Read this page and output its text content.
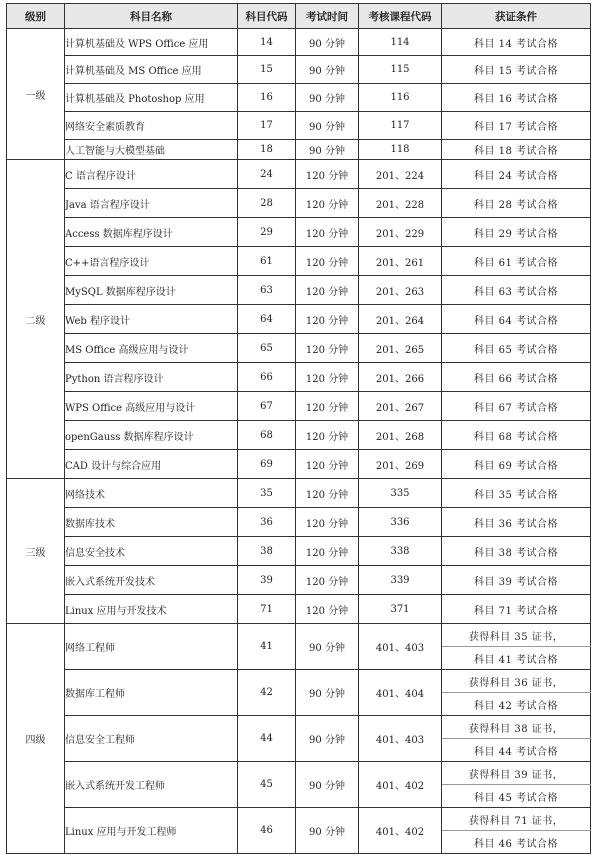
级别	科目名称	科目代码	考试时间	考核课程代码	获证条件
一级	计算机基础及 WPS Office 应用	14	90 分钟	114	科目 14 考试合格
	计算机基础及 MS Office 应用	15	90 分钟	115	科目 15 考试合格
	计算机基础及 Photoshop 应用	16	90 分钟	116	科目 16 考试合格
	网络安全素质教育	17	90 分钟	117	科目 17 考试合格
	人工智能与大模型基础	18	90 分钟	118	科目 18 考试合格
二级	C 语言程序设计	24	120 分钟	201、224	科目 24 考试合格
	Java 语言程序设计	28	120 分钟	201、228	科目 28 考试合格
	Access 数据库程序设计	29	120 分钟	201、229	科目 29 考试合格
	C++语言程序设计	61	120 分钟	201、261	科目 61 考试合格
	MySQL 数据库程序设计	63	120 分钟	201、263	科目 63 考试合格
	Web 程序设计	64	120 分钟	201、264	科目 64 考试合格
	MS Office 高级应用与设计	65	120 分钟	201、265	科目 65 考试合格
	Python 语言程序设计	66	120 分钟	201、266	科目 66 考试合格
	WPS Office 高级应用与设计	67	120 分钟	201、267	科目 67 考试合格
	openGauss 数据库程序设计	68	120 分钟	201、268	科目 68 考试合格
	CAD 设计与综合应用	69	120 分钟	201、269	科目 69 考试合格
三级	网络技术	35	120 分钟	335	科目 35 考试合格
	数据库技术	36	120 分钟	336	科目 36 考试合格
	信息安全技术	38	120 分钟	338	科目 38 考试合格
	嵌入式系统开发技术	39	120 分钟	339	科目 39 考试合格
	Linux 应用与开发技术	71	120 分钟	371	科目 71 考试合格
四级	网络工程师	41	90 分钟	401、403	获得科目 35 证书，
					科目 41 考试合格
	数据库工程师	42	90 分钟	401、404	获得科目 36 证书，
					科目 42 考试合格
	信息安全工程师	44	90 分钟	401、403	获得科目 38 证书，
					科目 44 考试合格
	嵌入式系统开发工程师	45	90 分钟	401、402	获得科目 39 证书，
					科目 45 考试合格
	Linux 应用与开发工程师	46	90 分钟	401、402	获得科目 71 证书，
					科目 46 考试合格
